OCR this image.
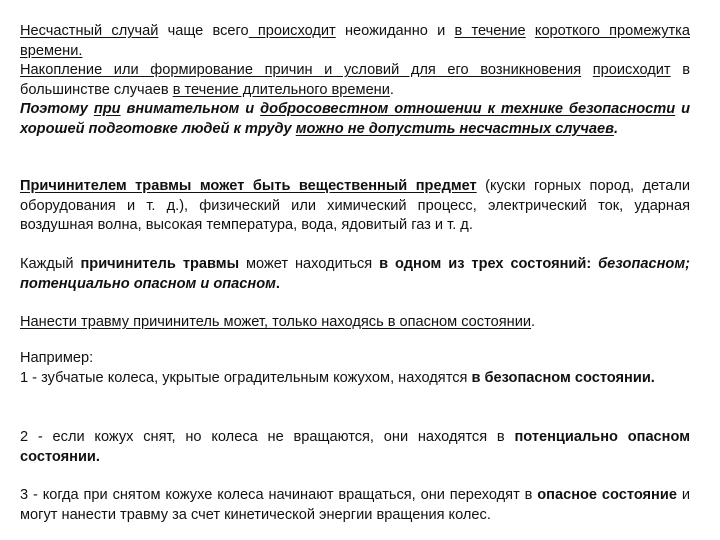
Несчастный случай чаще всего происходит неожиданно и в течение короткого промежутка времени.

Накопление или формирование причин и условий для его возникновения происходит в большинстве случаев в течение длительного времени.

Поэтому при внимательном и добросовестном отношении к технике безопасности и хорошей подготовке людей к труду можно не допустить несчастных случаев.

Причинителем травмы может быть вещественный предмет (куски горных пород, детали оборудования и т. д.), физический или химический процесс, электрический ток, ударная воздушная волна, высокая температура, вода, ядовитый газ и т. д.

Каждый причинитель травмы может находиться в одном из трех состояний: безопасном; потенциально опасном и опасном.

Нанести травму причинитель может, только находясь в опасном состоянии.

Например:

1 - зубчатые колеса, укрытые оградительным кожухом, находятся в безопасном состоянии.

2 - если кожух снят, но колеса не вращаются, они находятся в потенциально опасном состоянии.

3 - когда при снятом кожухе колеса начинают вращаться, они переходят в опасное состояние и могут нанести травму за счет кинетической энергии вращения колес.
